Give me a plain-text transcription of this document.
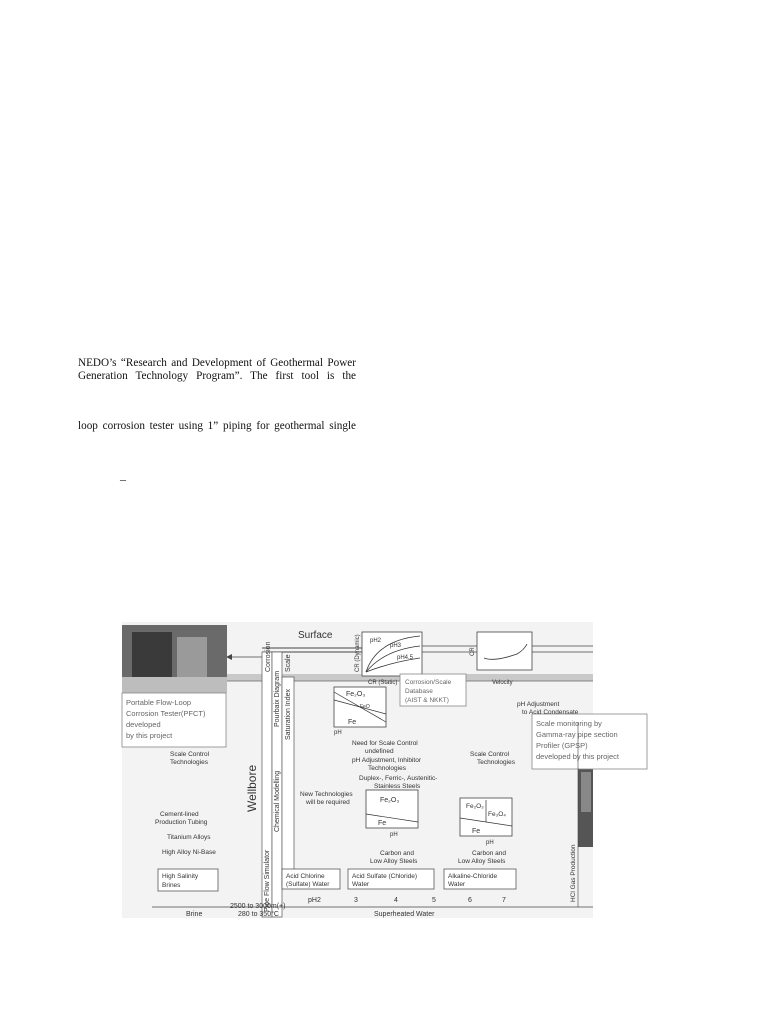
NEDO’s “Research and Development of Geothermal Power
Generation Technology Program”. The first tool is the
loop corrosion tester using 1” piping for geothermal single
–
Surface
Pipe Flow Simulator
Chemical Modelling
Pourbaix Diagram Saturation Index
Corrosion Scale
Wellbore
pH2
pH3
pH4.5
CR (Dynamic)
CR (Static)
CR
Velocity
Corrosion/Scale
Database
(AIST & NKKT)
Portable Flow-Loop
Corrosion Tester(PFCT)
developed
by this project
Scale monitoring by
Gamma-ray pipe section
Profiler (GPSP)
developed by this project
pH Adjustment
to Acid Condensate
Fe₂O₃
FeO
Fe
pH
Need for Scale Control
undefined
pH Adjustment, Inhibitor
Technologies
Duplex-, Ferric-, Austenitic-
Stainless Steels
Fe₂O₃
Fe
pH
Carbon and
Low Alloy Steels
Fe₂O₃
Fe₃O₄
Fe
pH
Carbon and
Low Alloy Steels
Scale Control
Technologies
Scale Control
Technologies
Cement-lined
Production Tubing
Titanium Alloys
High Alloy Ni-Base
High Salinity
Brines
New Technologies
will be required
Acid Chlorine
(Sulfate) Water
Acid Sulfate (Chloride)
Water
Alkaline-Chloride
Water
pH2	3	4	5	6	7
Brine	Superheated Water
2500 to 3000m(+)
280 to 350°C
HCl Gas Production
